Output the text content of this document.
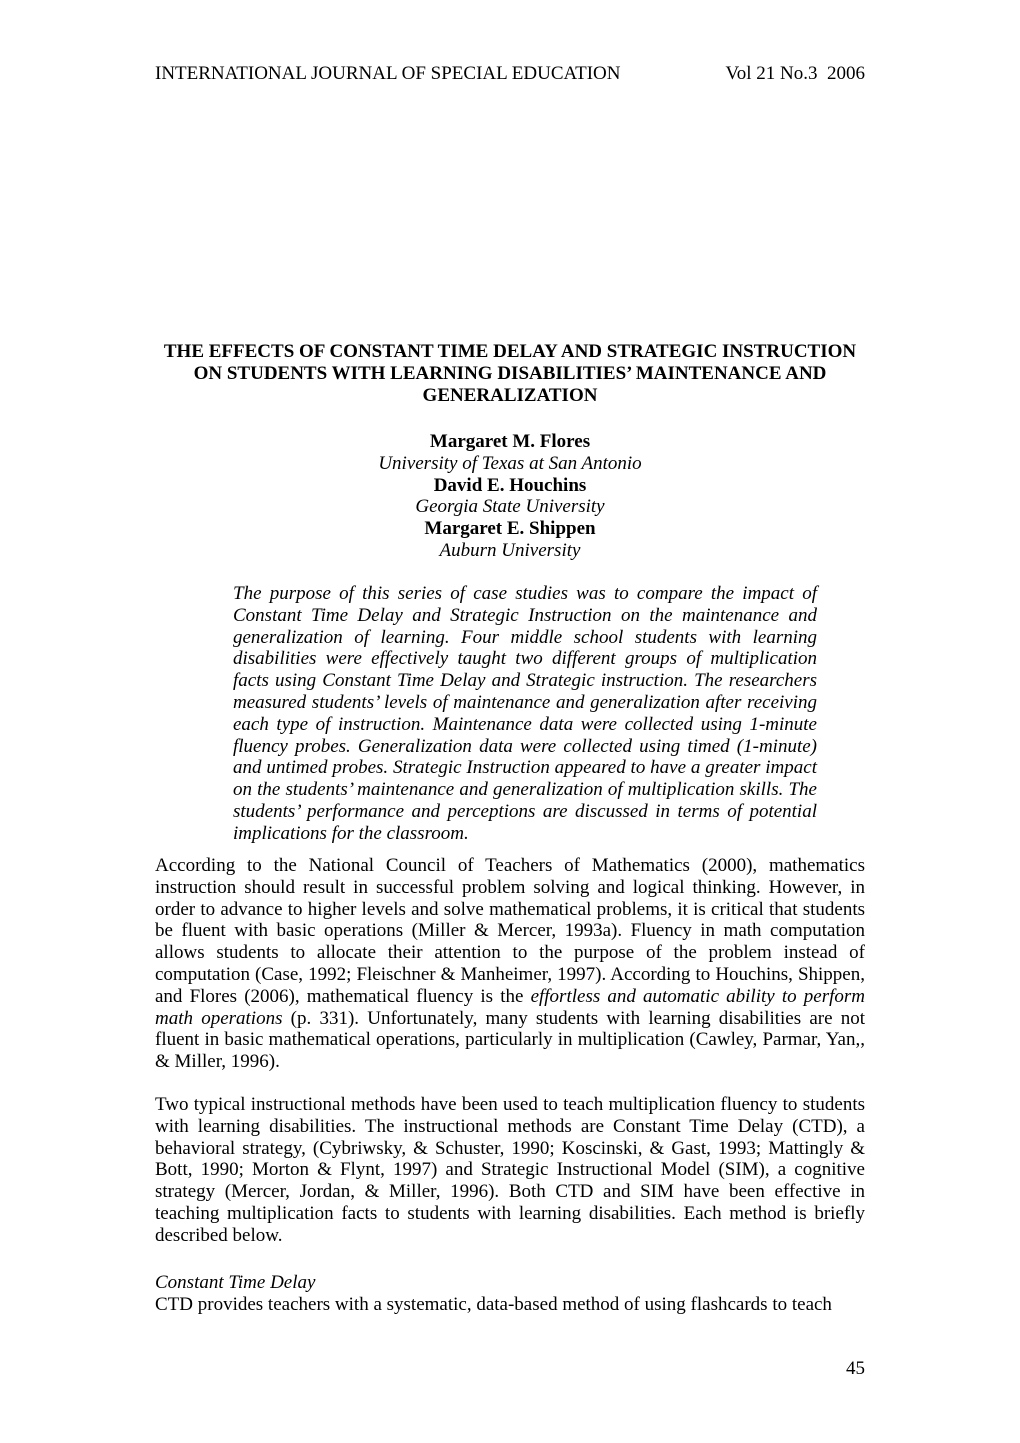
INTERNATIONAL JOURNAL OF SPECIAL EDUCATION	Vol 21 No.3  2006
THE EFFECTS OF CONSTANT TIME DELAY AND STRATEGIC INSTRUCTION
ON STUDENTS WITH LEARNING DISABILITIES’ MAINTENANCE AND
GENERALIZATION
Margaret M. Flores
University of Texas at San Antonio
David E. Houchins
Georgia State University
Margaret E. Shippen
Auburn University
The purpose of this series of case studies was to compare the impact of Constant Time Delay and Strategic Instruction on the maintenance and generalization of learning. Four middle school students with learning disabilities were effectively taught two different groups of multiplication facts using Constant Time Delay and Strategic instruction. The researchers measured students’ levels of maintenance and generalization after receiving each type of instruction. Maintenance data were collected using 1-minute fluency probes. Generalization data were collected using timed (1-minute) and untimed probes. Strategic Instruction appeared to have a greater impact on the students’ maintenance and generalization of multiplication skills. The students’ performance and perceptions are discussed in terms of potential implications for the classroom.
According to the National Council of Teachers of Mathematics (2000), mathematics instruction should result in successful problem solving and logical thinking. However, in order to advance to higher levels and solve mathematical problems, it is critical that students be fluent with basic operations (Miller & Mercer, 1993a). Fluency in math computation allows students to allocate their attention to the purpose of the problem instead of computation (Case, 1992; Fleischner & Manheimer, 1997). According to Houchins, Shippen, and Flores (2006), mathematical fluency is the effortless and automatic ability to perform math operations (p. 331). Unfortunately, many students with learning disabilities are not fluent in basic mathematical operations, particularly in multiplication (Cawley, Parmar, Yan,, & Miller, 1996).
Two typical instructional methods have been used to teach multiplication fluency to students with learning disabilities. The instructional methods are Constant Time Delay (CTD), a behavioral strategy, (Cybriwsky, & Schuster, 1990; Koscinski, & Gast, 1993; Mattingly & Bott, 1990; Morton & Flynt, 1997) and Strategic Instructional Model (SIM), a cognitive strategy (Mercer, Jordan, & Miller, 1996). Both CTD and SIM have been effective in teaching multiplication facts to students with learning disabilities. Each method is briefly described below.
Constant Time Delay
CTD provides teachers with a systematic, data-based method of using flashcards to teach
45
